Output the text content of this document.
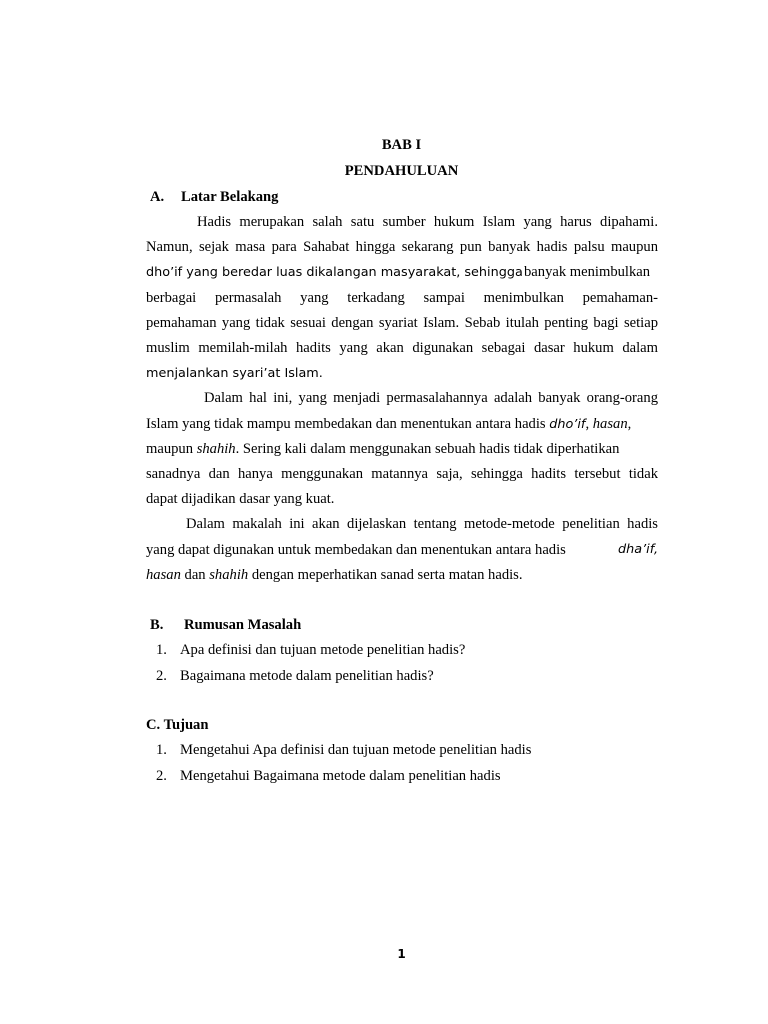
BAB I
PENDAHULUAN
A. Latar Belakang
Hadis merupakan salah satu sumber hukum Islam yang harus dipahami.
Namun, sejak masa para Sahabat hingga sekarang pun banyak hadis palsu maupun
dho’if yang beredar luas dikalangan masyarakat, sehingga banyak menimbulkan
berbagai permasalah yang terkadang sampai menimbulkan pemahaman-
pemahaman yang tidak sesuai dengan syariat Islam. Sebab itulah penting bagi setiap
muslim memilah-milah hadits yang akan digunakan sebagai dasar hukum dalam
menjalankan syari’at Islam.
Dalam hal ini, yang menjadi permasalahannya adalah banyak orang-orang
Islam yang tidak mampu membedakan dan menentukan antara hadis dho’if, hasan,
maupun shahih. Sering kali dalam menggunakan sebuah hadis tidak diperhatikan
sanadnya dan hanya menggunakan matannya saja, sehingga hadits tersebut tidak
dapat dijadikan dasar yang kuat.
Dalam makalah ini akan dijelaskan tentang metode-metode penelitian hadis
yang dapat digunakan untuk membedakan dan menentukan antara hadis	dha’if,
hasan dan shahih dengan meperhatikan sanad serta matan hadis.
B. Rumusan Masalah
1. Apa definisi dan tujuan metode penelitian hadis?
2. Bagaimana metode dalam penelitian hadis?
C. Tujuan
1. Mengetahui Apa definisi dan tujuan metode penelitian hadis
2. Mengetahui Bagaimana metode dalam penelitian hadis
1
